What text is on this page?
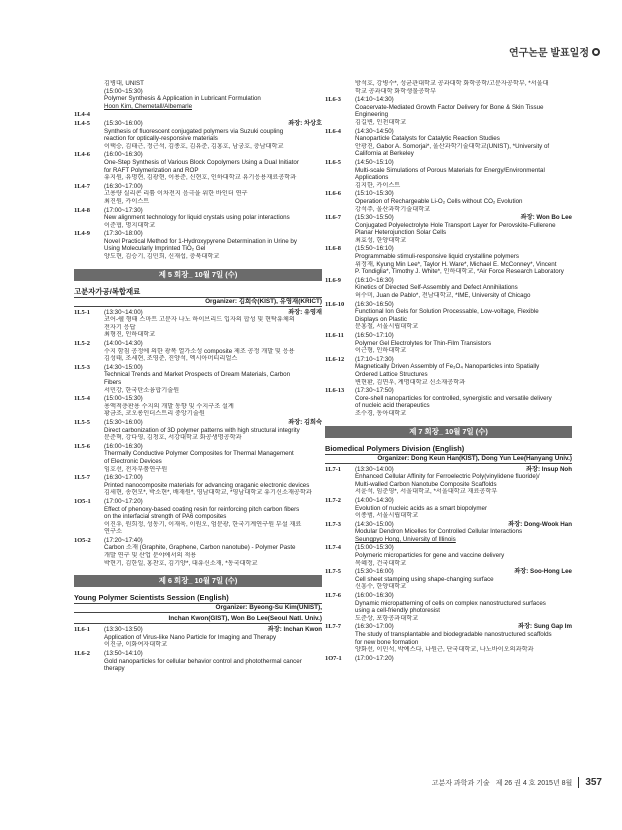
연구논문 발표일정
김병대, UNIST
(15:00~15:30)
Polymer Synthesis & Application in Lubricant Formulation
Hoon Kim, Chemetall/Albemarle
1L4-4
1L4-5	(15:30~16:00)	좌장: 차상호
Synthesis of fluorescent conjugated polymers via Suzuki coupling
reaction for optically-responsive materials
이택승, 김태근, 정근석, 김종호, 김유준, 김홍호, 남궁호, 충남대학교
1L4-6	(16:00~16:30)
One-Step Synthesis of Various Block Copolymers Using a Dual Initiator
for RAFT Polymerization and ROP
유지원, 유명현, 김광현, 이용준, 신현호, 인하대학교 유기응용재료공학과
1L4-7	(16:30~17:00)
고용량 실리콘 리튬 이차전지 음극을 위한 바인더 연구
최진원, 카이스트
1L4-8	(17:00~17:30)
New alignment technology for liquid crystals using polar interactions
이준협, 명지대학교
1L4-9	(17:30~18:00)
Novel Practical Method for 1-Hydroxypyrene Determination in Urine by
Using Molecularly Imprinted TiO₂ Gel
양도현, 김승기, 김민희, 신재섭, 충북대학교
제 5 회장_ 10월 7일 (수)
고분자가공/복합재료
Organizer: 김희숙(KIST), 유영재(KRICT)
1L5-1	(13:30~14:00)	좌장: 유영재
코어-쉘 형태 스마트 고분자 나노 하이브리드 입자의 합성 및 현탁유체의
전자기 응답
최형진, 인하대학교
1L5-2	(14:00~14:30)
수지 함침 공정에 의한 광폭 열가소성 composite 제조 공정 개발 및 응용
김성태, 조세현, 조영준, 진양석, 엑시아머티리얼스
1L5-3	(14:30~15:00)
Technical Trends and Market Prospects of Dream Materials, Carbon
Fibers
서민강, 한국탄소융합기술원
1L5-4	(15:00~15:30)
용액적층판용 수지의 개발 동향 및 수지구조 설계
황금조, 코오롱인더스트리 중앙기술원
1L5-5	(15:30~16:00)	좌장: 김희숙
Direct carbonization of 3D polymer patterns with high structural integrity
문준혁, 강다영, 김청호, 서강대학교 화공생명공학과
1L5-6	(16:00~16:30)
Thermally Conductive Polymer Composites for Thermal Management
of Electronic Devices
임호선, 전자부품연구원
1L5-7	(16:30~17:00)
Printed nanocomposite materials for advancing oraganic electronic devices
김세현, 송현모*, 박소현*, 배재원*, 영남대학교, *영남대학교 유기신소재공학과
1O5-1	(17:00~17:20)
Effect of phenoxy-based coating resin for reinforcing pitch carbon fibers
on the interfacial strength of PA6 composites
이진우, 원희정, 성동기, 이재욱, 이원오, 엄문광, 한국기계연구원 부설 재료
연구소
1O5-2	(17:20~17:40)
Carbon 소재 (Graphite, Graphene, Carbon nanotube) - Polymer Paste
개발 연구 및 산업 분야에서의 적용
박현기, 김한일, 홍찬호, 김기양*, 대유신소재, *동국대학교
제 6 회장_ 10월 7일 (수)
Young Polymer Scientists Session (English)
Organizer: Byeong-Su Kim(UNIST),
Inchan Kwon(GIST), Won Bo Lee(Seoul Natl. Univ.)
1L6-1	(13:30~13:50)	좌장: Inchan Kwon
Application of Virus-like Nano Particle for Imaging and Therapy
이진규, 이화여자대학교
1L6-2	(13:50~14:10)
Gold nanoparticles for cellular behavior control and photothermal cancer
therapy
방석호, 강병수*, 성균관대학교 공과대학 화학공학/고분자공학부, *서울대
학교 공과대학 화학생물공학부
1L6-3	(14:10~14:30)
Coacervate-Mediated Growth Factor Delivery for Bone & Skin Tissue
Engineering
김길변, 인천대학교
1L6-4	(14:30~14:50)
Nanoparticle Catalysts for Catalytic Reaction Studies
안광진, Gabor A. Somorjai*, 울산과학기술대학교(UNIST), *University of
California at Berkeley
1L6-5	(14:50~15:10)
Multi-scale Simulations of Porous Materials for Energy/Environmental
Applications
김지한, 카이스트
1L6-6	(15:10~15:30)
Operation of Rechargeable Li-O₂ Cells without CO₂ Evolution
강석주, 울산과학기술대학교
1L6-7	(15:30~15:50)	좌장: Won Bo Lee
Conjugated Polyelectrolyte Hole Transport Layer for Perovskite-Fullerene
Planar Heterojunction Solar Cells
최효성, 한양대학교
1L6-8	(15:50~16:10)
Programmable stimuli-responsive liquid crystalline polymers
위정재, Kyung Min Lee*, Taylor H. Ware*, Michael E. McConney*, Vincent
P. Tondiglia*, Timothy J. White*, 인하대학교, *Air Force Research Laboratory
1L6-9	(16:10~16:30)
Kinetics of Directed Self-Assembly and Defect Annihilations
허수미, Juan de Pablo*, 전남대학교, *IME, University of Chicago
1L6-10	(16:30~16:50)
Functional Ion Gels for Solution Processable, Low-voltage, Flexible
Displays on Plastic
문홍철, 서울시립대학교
1L6-11	(16:50~17:10)
Polymer Gel Electrolytes for Thin-Film Transistors
이근형, 인하대학교
1L6-12	(17:10~17:30)
Magnetically Driven Assembly of Fe₃O₄ Nanoparticles into Spatially
Ordered Lattice Structures
변현환, 김면우, 계명대학교 신소재공학과
1L6-13	(17:30~17:50)
Core-shell nanoparticles for controlled, synergistic and versatile delivery
of nucleic acid therapeutics
조수경, 동아대학교
제 7 회장_ 10월 7일 (수)
Biomedical Polymers Division (English)
Organizer: Dong Keun Han(KIST), Dong Yun Lee(Hanyang Univ.)
1L7-1	(13:30~14:00)	좌장: Insup Noh
Enhanced Cellular Affinity for Ferroelectric Poly(vinylidene fluoride)/
Multi-walled Carbon Nanotube Composite Scaffolds
서윤석, 임준영*, 서울대학교, *서울대학교 재료공학부
1L7-2	(14:00~14:30)
Evolution of nucleic acids as a smart biopolymer
이종범, 서울시립대학교
1L7-3	(14:30~15:00)	좌장: Dong-Wook Han
Modular Dendron Micelles for Controlled Cellular Interactions
Seungpyo Hong, University of Illinois
1L7-4	(15:00~15:30)
Polymeric microparticles for gene and vaccine delivery
목혜정, 건국대학교
1L7-5	(15:30~16:00)	좌장: Soo-Hong Lee
Cell sheet stamping using shape-changing surface
신흥수, 한양대학교
1L7-6	(16:00~16:30)
Dynamic micropatterning of cells on complex nanostructured surfaces
using a cell-friendly photoresist
도준상, 포항공과대학교
1L7-7	(16:30~17:00)	좌장: Sung Gap Im
The study of transplantable and biodegradable nanostructured scaffolds
for new bone formation
양화선, 이민석, 박예스다, 나원근, 단국대학교, 나노바이오의과학과
1O7-1	(17:00~17:20)
고분자 과학과 기술 제 26 권 4 호 2015년 8월	357
